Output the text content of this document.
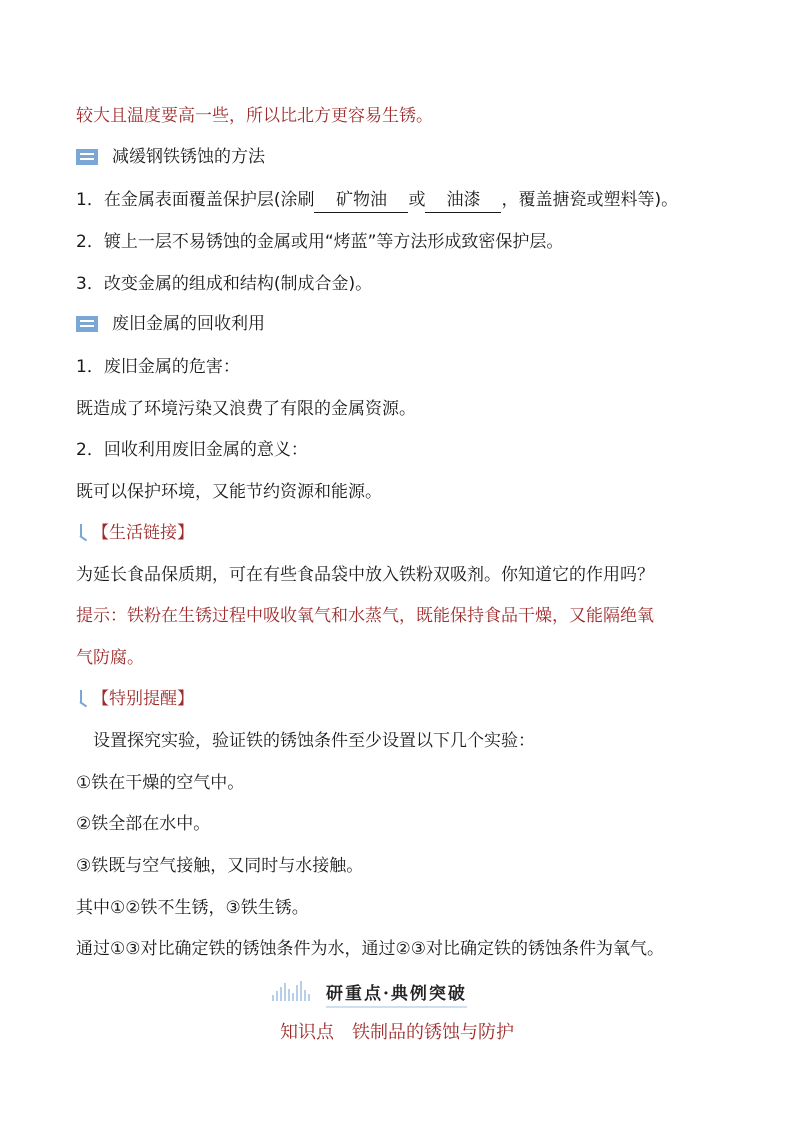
较大且温度要高一些，所以比北方更容易生锈。
减缓钢铁锈蚀的方法
1．在金属表面覆盖保护层(涂刷 矿物油 或 油漆 ，覆盖搪瓷或塑料等)。
2．镀上一层不易锈蚀的金属或用“烤蓝”等方法形成致密保护层。
3．改变金属的组成和结构(制成合金)。
废旧金属的回收利用
1．废旧金属的危害：
既造成了环境污染又浪费了有限的金属资源。
2．回收利用废旧金属的意义：
既可以保护环境，又能节约资源和能源。
【生活链接】
为延长食品保质期，可在有些食品袋中放入铁粉双吸剂。你知道它的作用吗？
提示：铁粉在生锈过程中吸收氧气和水蒸气，既能保持食品干燥，又能隔绝氧
气防腐。
【特别提醒】
设置探究实验，验证铁的锈蚀条件至少设置以下几个实验：
①铁在干燥的空气中。
②铁全部在水中。
③铁既与空气接触，又同时与水接触。
其中①②铁不生锈，③铁生锈。
通过①③对比确定铁的锈蚀条件为水，通过②③对比确定铁的锈蚀条件为氧气。
研重点·典例突破
知识点　铁制品的锈蚀与防护
